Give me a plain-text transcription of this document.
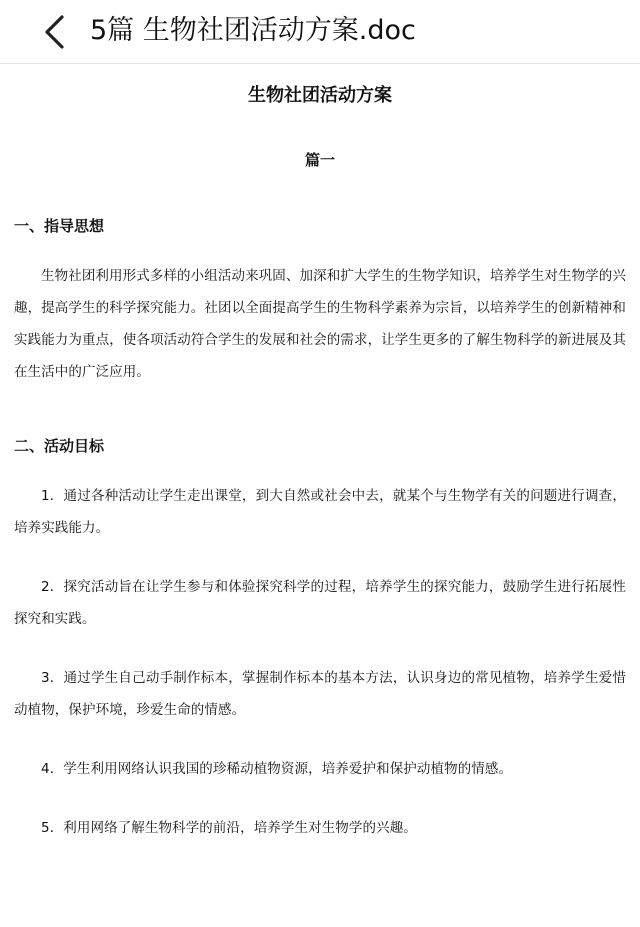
5篇 生物社团活动方案.doc
生物社团活动方案
篇一
一、指导思想

生物社团利用形式多样的小组活动来巩固、加深和扩大学生的生物学知识，培养学生对生物学的兴趣，提高学生的科学探究能力。社团以全面提高学生的生物科学素养为宗旨，以培养学生的创新精神和实践能力为重点，使各项活动符合学生的发展和社会的需求，让学生更多的了解生物科学的新进展及其在生活中的广泛应用。

二、活动目标

1．通过各种活动让学生走出课堂，到大自然或社会中去，就某个与生物学有关的问题进行调查，培养实践能力。

2．探究活动旨在让学生参与和体验探究科学的过程，培养学生的探究能力，鼓励学生进行拓展性探究和实践。

3．通过学生自己动手制作标本，掌握制作标本的基本方法，认识身边的常见植物，培养学生爱惜动植物，保护环境，珍爱生命的情感。

4．学生利用网络认识我国的珍稀动植物资源，培养爱护和保护动植物的情感。

5．利用网络了解生物科学的前沿，培养学生对生物学的兴趣。
